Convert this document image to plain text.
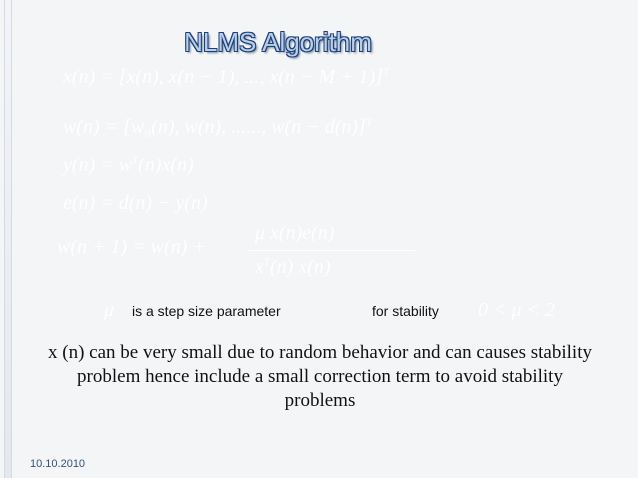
NLMS Algorithm
x(n) = [x(n), x(n − 1), ..., x(n − M + 1)]$^T$
w(n) = [w₀(n), w(n), ......, w(n − d(n)]$^T$
$y(n) = w^T(n)x(n)$
e(n) = d(n) − y(n)
w(n + 1) = w(n) +
μ x(n)e(n)
$x^T(n)$ x(n)
μ is a step size parameter	for stability 0 < μ < 2
x (n) can be very small due to random behavior and can causes stability problem hence include a small correction term to avoid stability problems
10.10.2010
